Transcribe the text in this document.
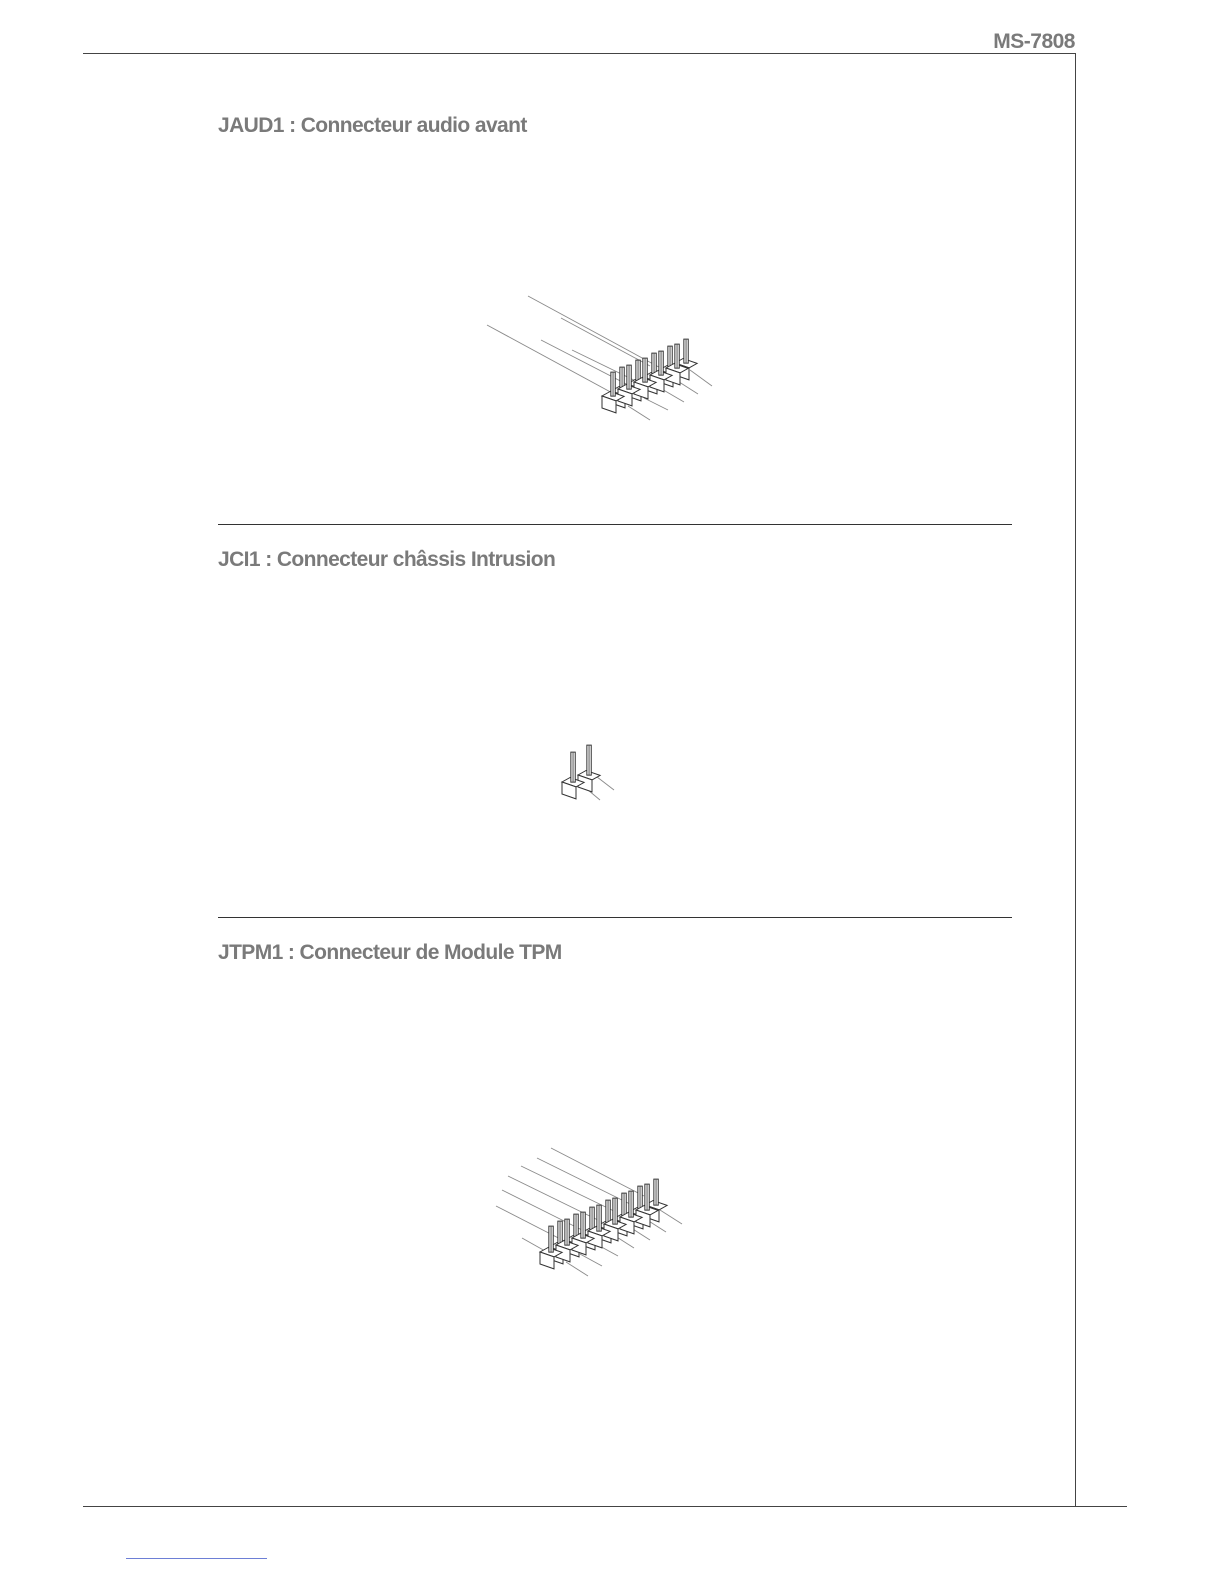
MS-7808
JAUD1 : Connecteur audio avant
JCI1 : Connecteur châssis Intrusion
JTPM1 : Connecteur de Module TPM
